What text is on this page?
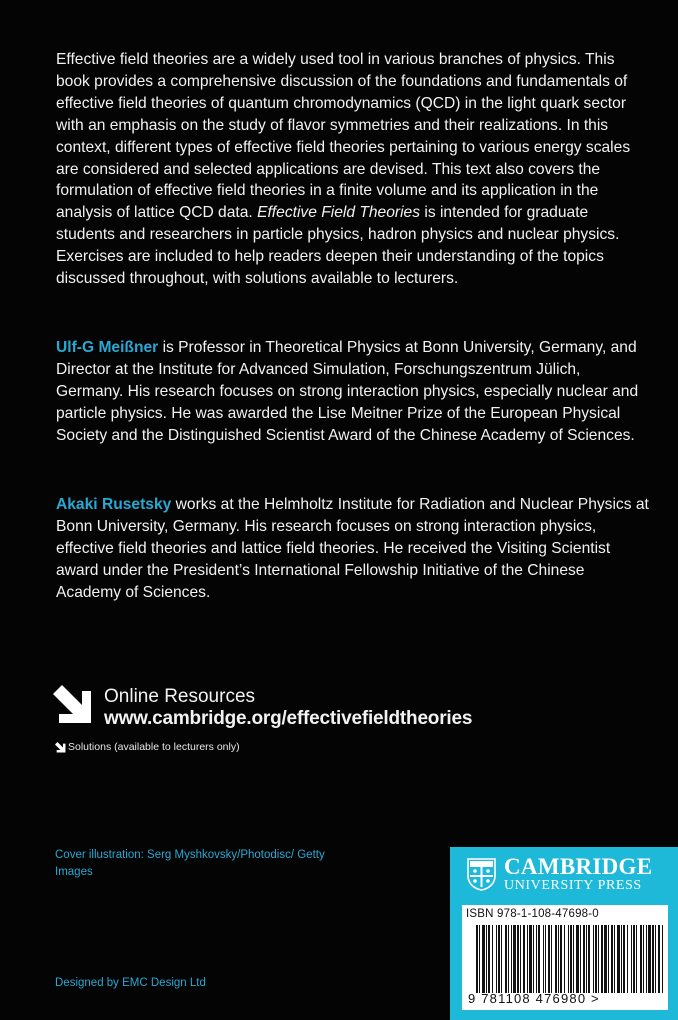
Effective field theories are a widely used tool in various branches of physics. This book provides a comprehensive discussion of the foundations and fundamentals of effective field theories of quantum chromodynamics (QCD) in the light quark sector with an emphasis on the study of flavor symmetries and their realizations. In this context, different types of effective field theories pertaining to various energy scales are considered and selected applications are devised. This text also covers the formulation of effective field theories in a finite volume and its application in the analysis of lattice QCD data. Effective Field Theories is intended for graduate students and researchers in particle physics, hadron physics and nuclear physics. Exercises are included to help readers deepen their understanding of the topics discussed throughout, with solutions available to lecturers.

Ulf-G Meißner is Professor in Theoretical Physics at Bonn University, Germany, and Director at the Institute for Advanced Simulation, Forschungszentrum Jülich, Germany. His research focuses on strong interaction physics, especially nuclear and particle physics. He was awarded the Lise Meitner Prize of the European Physical Society and the Distinguished Scientist Award of the Chinese Academy of Sciences.

Akaki Rusetsky works at the Helmholtz Institute for Radiation and Nuclear Physics at Bonn University, Germany. His research focuses on strong interaction physics, effective field theories and lattice field theories. He received the Visiting Scientist award under the President’s International Fellowship Initiative of the Chinese Academy of Sciences.

Online Resources
www.cambridge.org/effectivefieldtheories
Solutions (available to lecturers only)
Cover illustration: Serg Myshkovsky/Photodisc/ Getty Images
Designed by EMC Design Ltd
CAMBRIDGE
UNIVERSITY PRESS
ISBN 978-1-108-47698-0
9 781108 476980 >
